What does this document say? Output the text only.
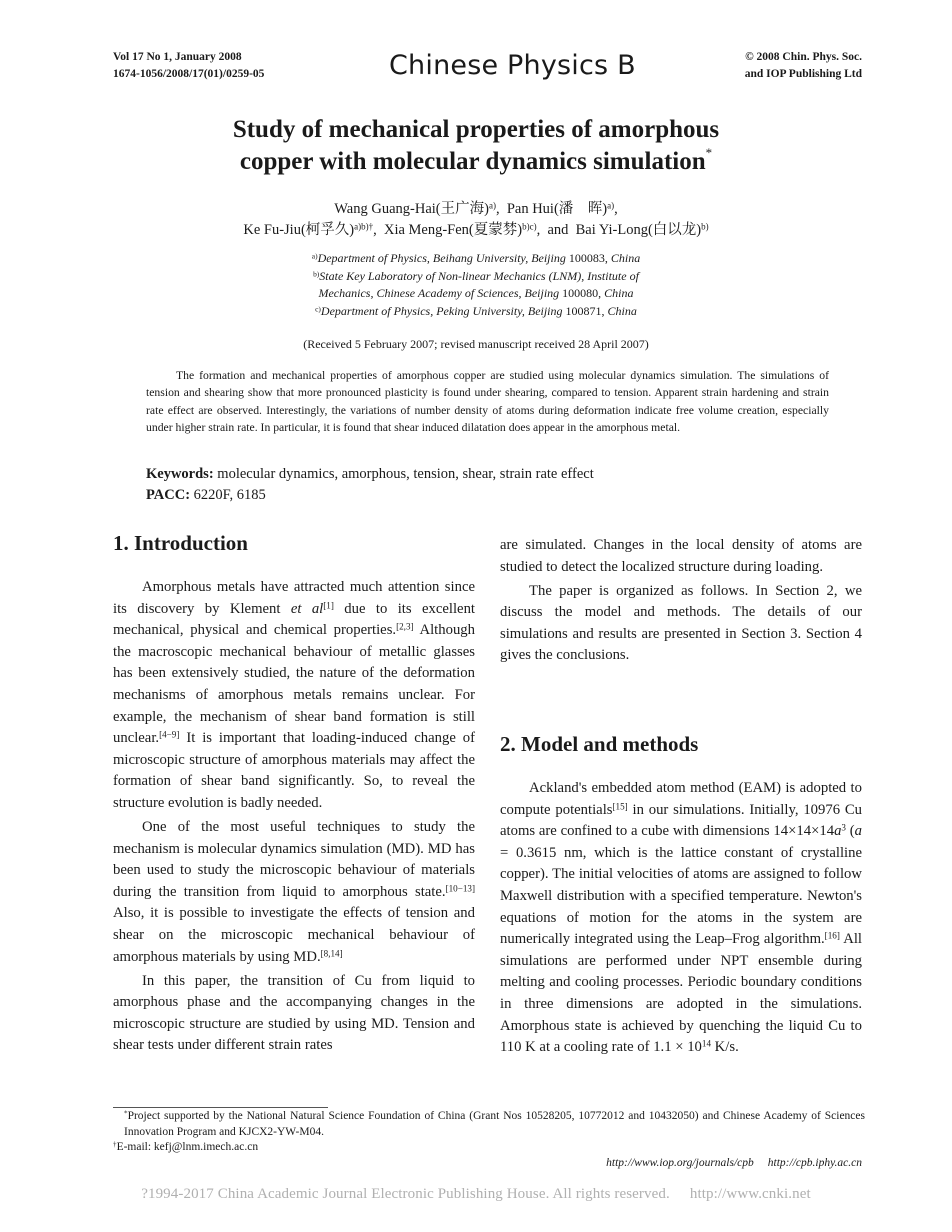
Vol 17 No 1, January 2008
1674-1056/2008/17(01)/0259-05	Chinese Physics B	© 2008 Chin. Phys. Soc.
and IOP Publishing Ltd
Study of mechanical properties of amorphous
copper with molecular dynamics simulation*
Wang Guang-Hai(王广海)$^{a)}$,  Pan Hui(潘　晖)$^{a)}$,
Ke Fu-Jiu(柯孚久)$^{a)b)\dagger}$,  Xia Meng-Fen(夏蒙棼)$^{b)c)}$,  and Bai Yi-Long(白以龙)$^{b)}$
$^{a)}$Department of Physics, Beihang University, Beijing 100083, China
$^{b)}$State Key Laboratory of Non-linear Mechanics (LNM), Institute of
Mechanics, Chinese Academy of Sciences, Beijing 100080, China
$^{c)}$Department of Physics, Peking University, Beijing 100871, China
(Received 5 February 2007; revised manuscript received 28 April 2007)
The formation and mechanical properties of amorphous copper are studied using molecular dynamics simulation. The simulations of tension and shearing show that more pronounced plasticity is found under shearing, compared to tension. Apparent strain hardening and strain rate effect are observed. Interestingly, the variations of number density of atoms during deformation indicate free volume creation, especially under higher strain rate. In particular, it is found that shear induced dilatation does appear in the amorphous metal.
Keywords: molecular dynamics, amorphous, tension, shear, strain rate effect
PACC: 6220F, 6185
1. Introduction

Amorphous metals have attracted much attention since its discovery by Klement et al[1] due to its excellent mechanical, physical and chemical properties.[2,3] Although the macroscopic mechanical behaviour of metallic glasses has been extensively studied, the nature of the deformation mechanisms of amorphous metals remains unclear. For example, the mechanism of shear band formation is still unclear.[4−9] It is important that loading-induced change of microscopic structure of amorphous materials may affect the formation of shear band significantly. So, to reveal the structure evolution is badly needed.

One of the most useful techniques to study the mechanism is molecular dynamics simulation (MD). MD has been used to study the microscopic behaviour of materials during the transition from liquid to amorphous state.[10−13] Also, it is possible to investigate the effects of tension and shear on the microscopic mechanical behaviour of amorphous materials by using MD.[8,14]

In this paper, the transition of Cu from liquid to amorphous phase and the accompanying changes in the microscopic structure are studied by using MD. Tension and shear tests under different strain rates

are simulated. Changes in the local density of atoms are studied to detect the localized structure during loading.

The paper is organized as follows. In Section 2, we discuss the model and methods. The details of our simulations and results are presented in Section 3. Section 4 gives the conclusions.

2. Model and methods

Ackland's embedded atom method (EAM) is adopted to compute potentials[15] in our simulations. Initially, 10976 Cu atoms are confined to a cube with dimensions $14\times 14\times 14a^3$ (a = 0.3615 nm, which is the lattice constant of crystalline copper). The initial velocities of atoms are assigned to follow Maxwell distribution with a specified temperature. Newton's equations of motion for the atoms in the system are numerically integrated using the Leap–Frog algorithm.[16] All simulations are performed under NPT ensemble during melting and cooling processes. Periodic boundary conditions in three dimensions are adopted in the simulations. Amorphous state is achieved by quenching the liquid Cu to 110 K at a cooling rate of $1.1 \times 10^{14}$ K/s.

*Project supported by the National Natural Science Foundation of China (Grant Nos 10528205, 10772012 and 10432050) and Chinese Academy of Sciences Innovation Program and KJCX2-YW-M04.
†E-mail: kefj@lnm.imech.ac.cn
http://www.iop.org/journals/cpb http://cpb.iphy.ac.cn
?1994-2017 China Academic Journal Electronic Publishing House. All rights reserved. http://www.cnki.net
